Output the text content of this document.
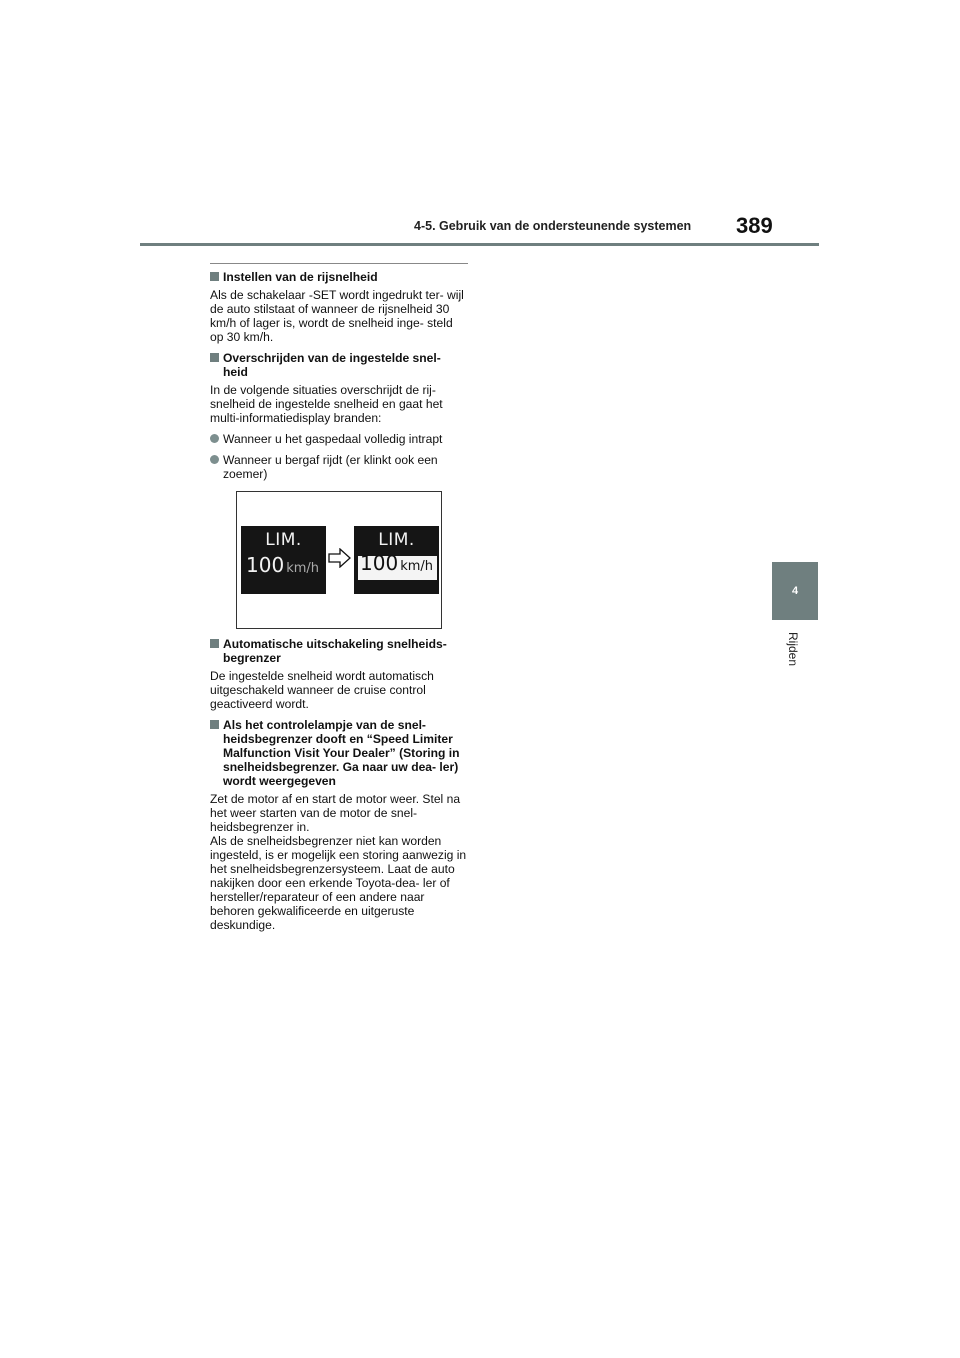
4-5. Gebruik van de ondersteunende systemen 389
4
Rijden
Instellen van de rijsnelheid

Als de schakelaar -SET wordt ingedrukt ter- wijl de auto stilstaat of wanneer de rijsnelheid 30 km/h of lager is, wordt de snelheid inge- steld op 30 km/h.

Overschrijden van de ingestelde snel- heid

In de volgende situaties overschrijdt de rij- snelheid de ingestelde snelheid en gaat het multi-informatiedisplay branden:

Wanneer u het gaspedaal volledig intrapt
Wanneer u bergaf rijdt (er klinkt ook een zoemer)
LIM.
100 km/h
LIM.
100 km/h
Automatische uitschakeling snelheids- begrenzer

De ingestelde snelheid wordt automatisch uitgeschakeld wanneer de cruise control geactiveerd wordt.

Als het controlelampje van de snel- heidsbegrenzer dooft en “Speed Limiter Malfunction Visit Your Dealer” (Storing in snelheidsbegrenzer. Ga naar uw dea- ler) wordt weergegeven

Zet de motor af en start de motor weer. Stel na het weer starten van de motor de snel- heidsbegrenzer in.

Als de snelheidsbegrenzer niet kan worden ingesteld, is er mogelijk een storing aanwezig in het snelheidsbegrenzersysteem. Laat de auto nakijken door een erkende Toyota-dea- ler of hersteller/reparateur of een andere naar behoren gekwalificeerde en uitgeruste deskundige.
